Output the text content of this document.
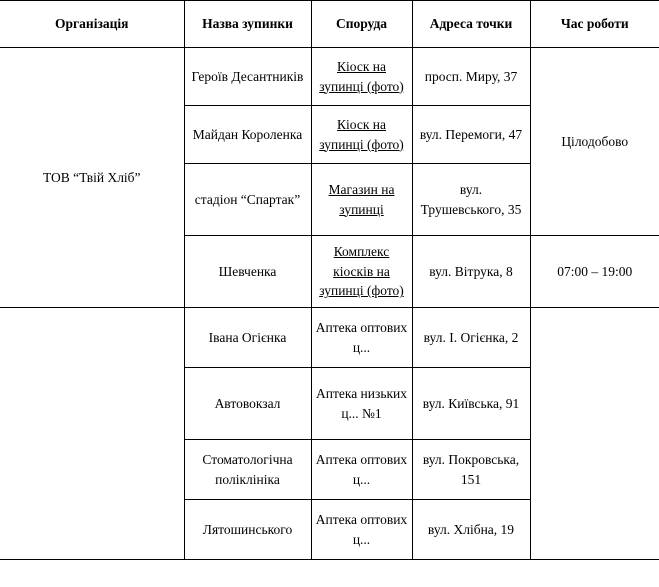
Організація	Назва зупинки	Споруда	Адреса точки	Час роботи
ТОВ “Твій Хліб”	Героїв Десантників	Кіоск на зупинці (фото)	просп. Миру, 37	Цілодобово
	Майдан Короленка	Кіоск на зупинці (фото)	вул. Перемоги, 47	
	стадіон “Спартак”	Магазин на зупинці	вул. Трушевського, 35	
	Шевченка	Комплекс кіосків на зупинці (фото)	вул. Вітрука, 8	07:00 – 19:00
	Івана Огієнка	Аптека оптових ц...	вул. І. Огієнка, 2	
	Автовокзал	Аптека низьких ц... №1	вул. Київська, 91	
	Стоматологічна поліклініка	Аптека оптових ц...	вул. Покровська, 151	
	Лятошинського	Аптека оптових ц...	вул. Хлібна, 19	
